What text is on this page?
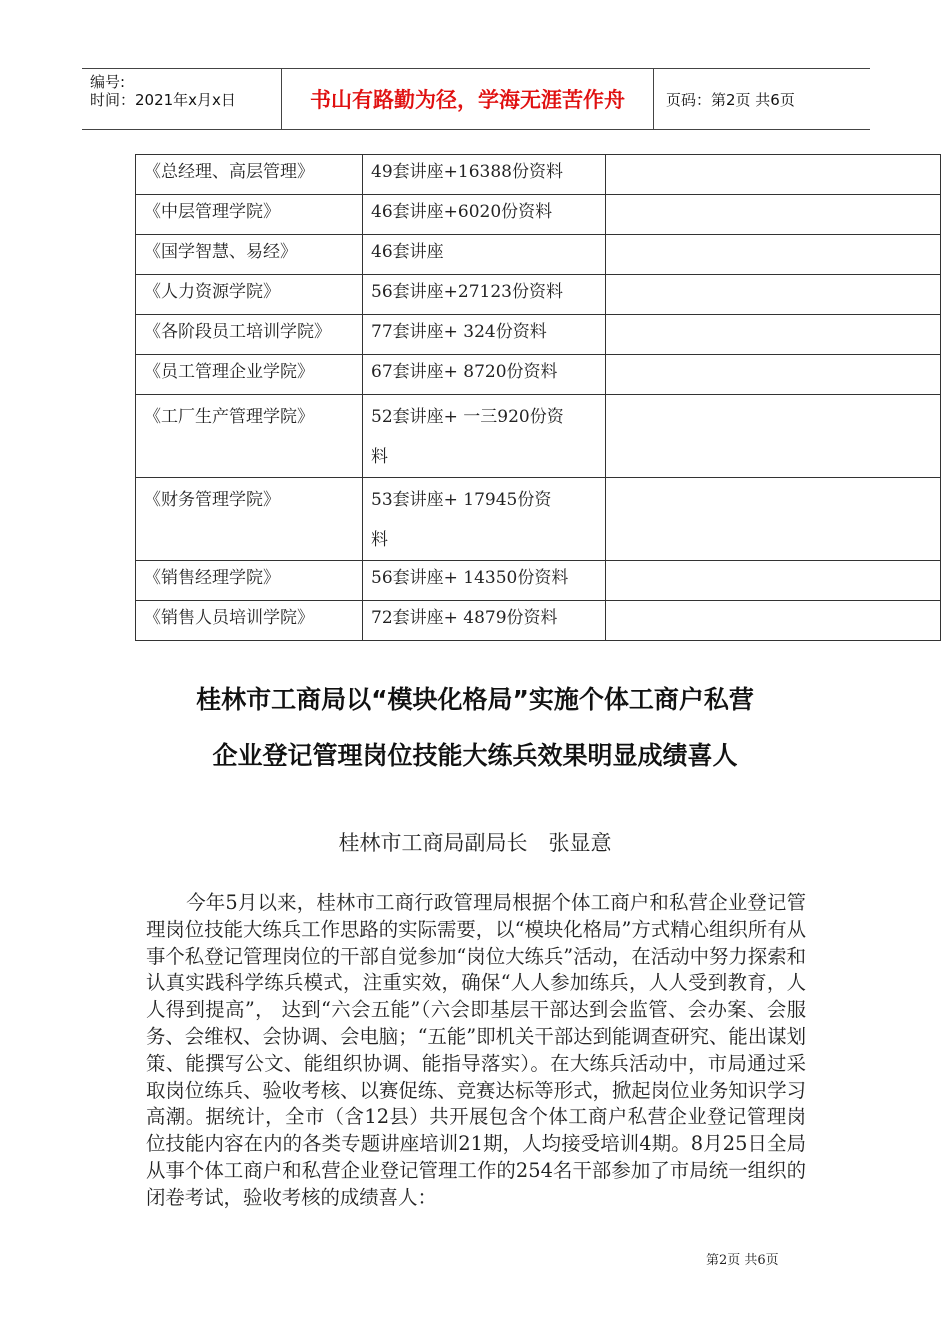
编号:
时间：2021年x月x日	书山有路勤为径，学海无涯苦作舟	页码：第2页 共6页
《总经理、高层管理》	49套讲座+16388份资料	
《中层管理学院》	46套讲座+6020份资料	
《国学智慧、易经》	46套讲座	
《人力资源学院》	56套讲座+27123份资料	
《各阶段员工培训学院》	77套讲座+ 324份资料	
《员工管理企业学院》	67套讲座+ 8720份资料	
《工厂生产管理学院》	52套讲座+ 一三920份资
料	

《财务管理学院》	53套讲座+ 17945份资
料	

《销售经理学院》	56套讲座+ 14350份资料	
《销售人员培训学院》	72套讲座+ 4879份资料	
桂林市工商局以“模块化格局”实施个体工商户私营
企业登记管理岗位技能大练兵效果明显成绩喜人
桂林市工商局副局长　张显意
今年5月以来，桂林市工商行政管理局根据个体工商户和私营企业登记管理岗位技能大练兵工作思路的实际需要，以“模块化格局”方式精心组织所有从事个私登记管理岗位的干部自觉参加“岗位大练兵”活动，在活动中努力探索和认真实践科学练兵模式，注重实效，确保“人人参加练兵，人人受到教育，人人得到提高”， 达到“六会五能”（六会即基层干部达到会监管、会办案、会服务、会维权、会协调、会电脑；“五能”即机关干部达到能调查研究、能出谋划策、能撰写公文、能组织协调、能指导落实）。在大练兵活动中，市局通过采取岗位练兵、验收考核、以赛促练、竞赛达标等形式，掀起岗位业务知识学习高潮。据统计，全市（含12县）共开展包含个体工商户私营企业登记管理岗位技能内容在内的各类专题讲座培训21期，人均接受培训4期。8月25日全局从事个体工商户和私营企业登记管理工作的254名干部参加了市局统一组织的闭卷考试，验收考核的成绩喜人：
第2页 共6页
